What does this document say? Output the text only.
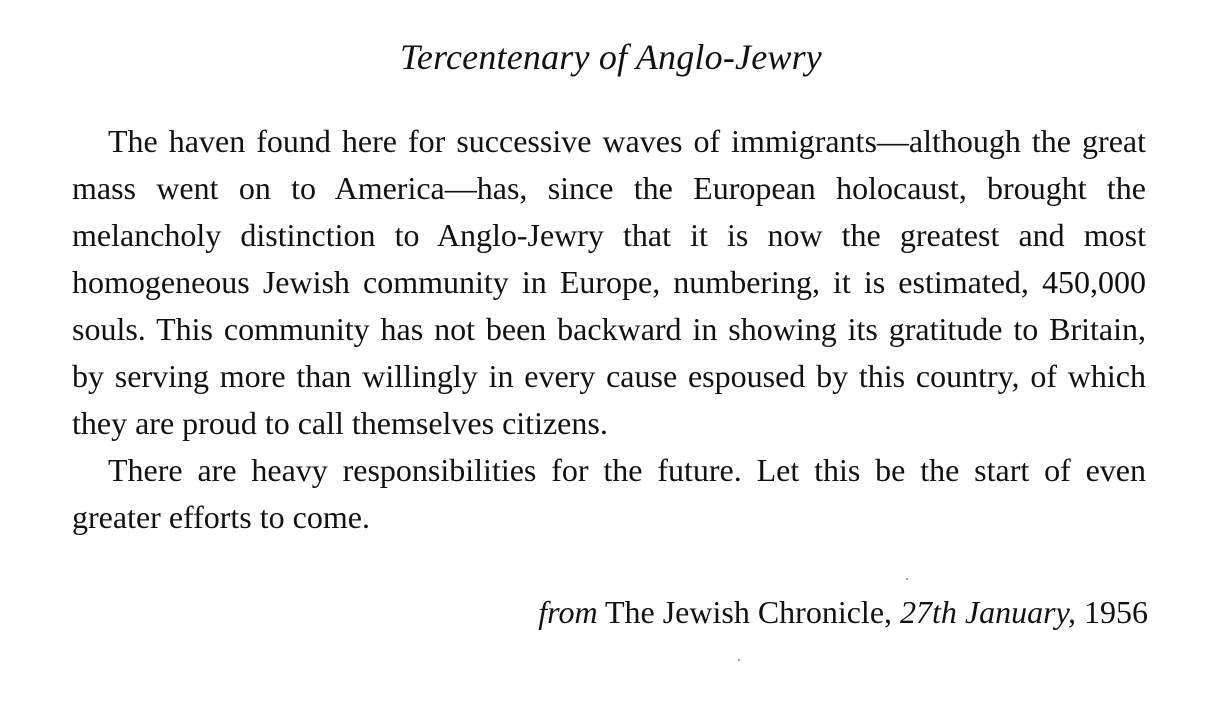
Tercentenary of Anglo-Jewry

The haven found here for successive waves of immigrants—although the great mass went on to America—has, since the European holocaust, brought the melancholy distinction to Anglo-Jewry that it is now the greatest and most homogeneous Jewish community in Europe, numbering, it is estimated, 450,000 souls. This community has not been backward in showing its gratitude to Britain, by serving more than willingly in every cause espoused by this country, of which they are proud to call themselves citizens.

There are heavy responsibilities for the future. Let this be the start of even greater efforts to come.

from The Jewish Chronicle, 27th January, 1956
